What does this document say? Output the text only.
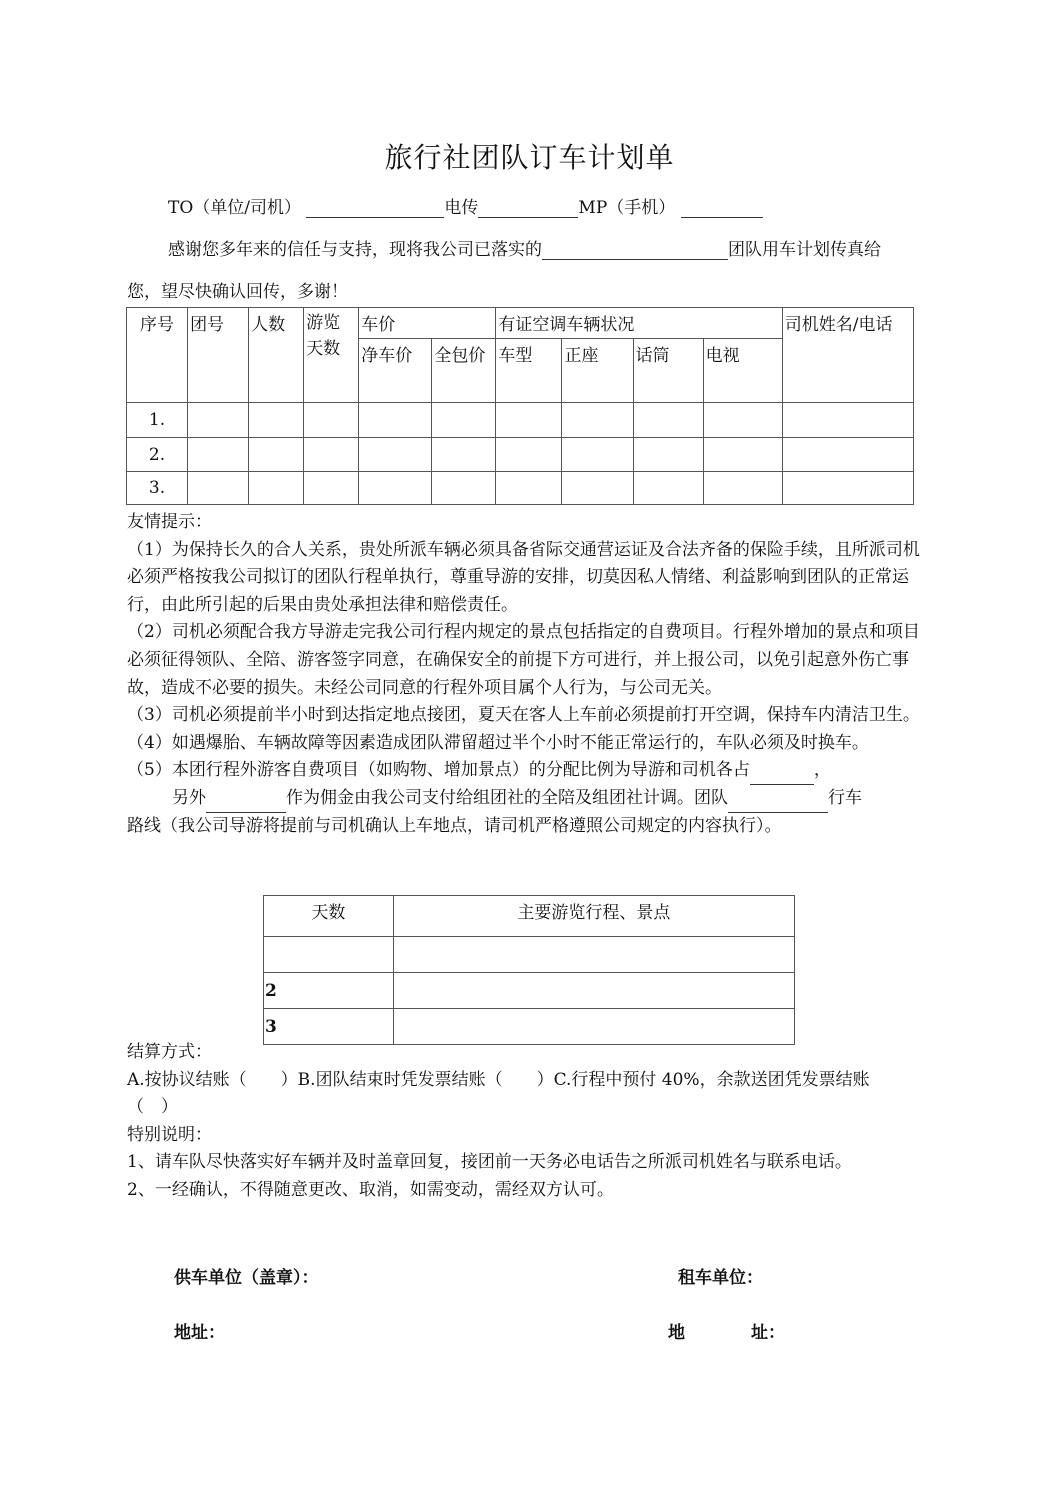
旅行社团队订车计划单
TO（单位/司机）	电传	MP（手机）
感谢您多年来的信任与支持，现将我公司已落实的	团队用车计划传真给
您，望尽快确认回传，多谢！
序号	团号	人数	游览天数	车价		有证空调车辆状况				司机姓名/电话
				净车价	全包价	车型	正座	话筒	电视	
1.										
2.										
3.										
友情提示：
（1）为保持长久的合人关系，贵处所派车辆必须具备省际交通营运证及合法齐备的保险手续，且所派司机必须严格按我公司拟订的团队行程单执行，尊重导游的安排，切莫因私人情绪、利益影响到团队的正常运行，由此所引起的后果由贵处承担法律和赔偿责任。
（2）司机必须配合我方导游走完我公司行程内规定的景点包括指定的自费项目。行程外增加的景点和项目必须征得领队、全陪、游客签字同意，在确保安全的前提下方可进行，并上报公司，以免引起意外伤亡事故，造成不必要的损失。未经公司同意的行程外项目属个人行为，与公司无关。
（3）司机必须提前半小时到达指定地点接团，夏天在客人上车前必须提前打开空调，保持车内清洁卫生。
（4）如遇爆胎、车辆故障等因素造成团队滞留超过半个小时不能正常运行的，车队必须及时换车。
（5）本团行程外游客自费项目（如购物、增加景点）的分配比例为导游和司机各占	，
另外	作为佣金由我公司支付给组团社的全陪及组团社计调。团队	行车
路线（我公司导游将提前与司机确认上车地点，请司机严格遵照公司规定的内容执行）。
天数	主要游览行程、景点

2	
3	
结算方式：
A.按协议结账（　　）B.团队结束时凭发票结账（　　）C.行程中预付 40%，余款送团凭发票结账
（　）
特别说明：
1、请车队尽快落实好车辆并及时盖章回复，接团前一天务必电话告之所派司机姓名与联系电话。
2、一经确认，不得随意更改、取消，如需变动，需经双方认可。
供车单位（盖章）：	租车单位：
地址：	地	址：
